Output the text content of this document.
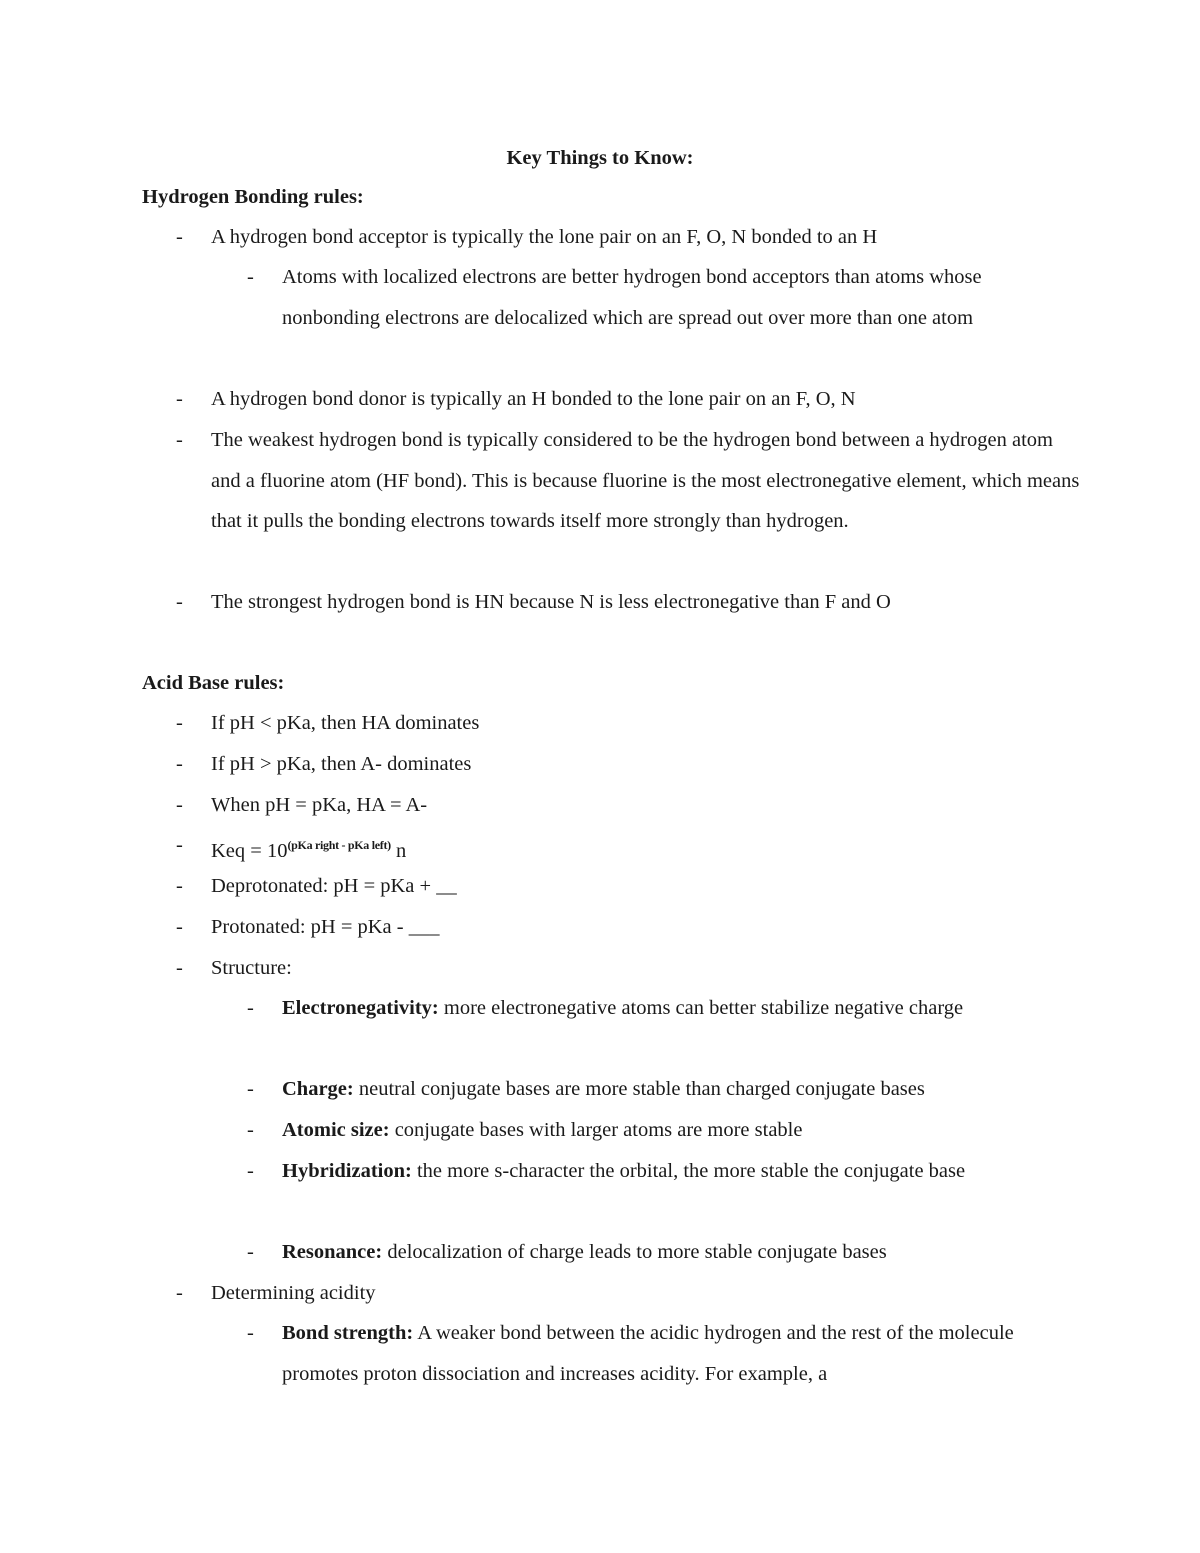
Key Things to Know:
Hydrogen Bonding rules:

- A hydrogen bond acceptor is typically the lone pair on an F, O, N bonded to an H

- Atoms with localized electrons are better hydrogen bond acceptors than atoms whose nonbonding electrons are delocalized which are spread out over more than one atom

- A hydrogen bond donor is typically an H bonded to the lone pair on an F, O, N

- The weakest hydrogen bond is typically considered to be the hydrogen bond between a hydrogen atom and a fluorine atom (HF bond). This is because fluorine is the most electronegative element, which means that it pulls the bonding electrons towards itself more strongly than hydrogen.

- The strongest hydrogen bond is HN because N is less electronegative than F and O

Acid Base rules:

- If pH < pKa, then HA dominates

- If pH > pKa, then A- dominates

- When pH = pKa, HA = A-

- Keq = $10^{(pKa right - pKa left)}$ n

- Deprotonated: pH = pKa + __

- Protonated: pH = pKa - ___

- Structure:

- Electronegativity: more electronegative atoms can better stabilize negative charge

- Charge: neutral conjugate bases are more stable than charged conjugate bases

- Atomic size: conjugate bases with larger atoms are more stable

- Hybridization: the more s-character the orbital, the more stable the conjugate base

- Resonance: delocalization of charge leads to more stable conjugate bases

- Determining acidity

- Bond strength: A weaker bond between the acidic hydrogen and the rest of the molecule promotes proton dissociation and increases acidity. For example, a
